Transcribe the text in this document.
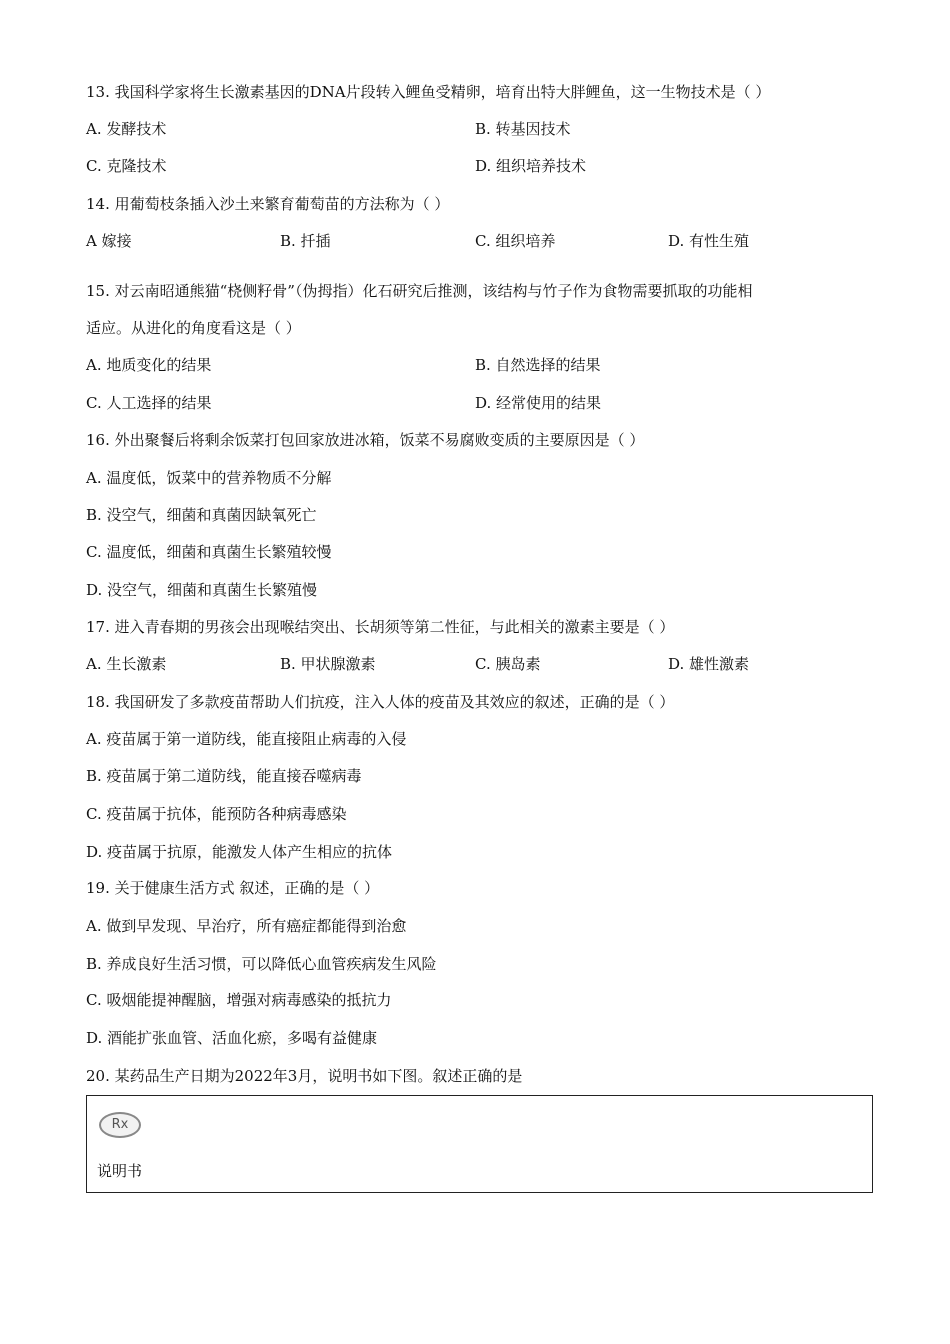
13. 我国科学家将生长激素基因的DNA片段转入鲤鱼受精卵，培育出特大胖鲤鱼，这一生物技术是（ ）
A. 发酵技术	B. 转基因技术
C. 克隆技术	D. 组织培养技术
14. 用葡萄枝条插入沙土来繁育葡萄苗的方法称为（ ）
A 嫁接	B. 扦插	C. 组织培养	D. 有性生殖
15. 对云南昭通熊猫“桡侧籽骨”（伪拇指）化石研究后推测，该结构与竹子作为食物需要抓取的功能相
适应。从进化的角度看这是（ ）
A. 地质变化的结果	B. 自然选择的结果
C. 人工选择的结果	D. 经常使用的结果
16. 外出聚餐后将剩余饭菜打包回家放进冰箱，饭菜不易腐败变质的主要原因是（ ）
A. 温度低，饭菜中的营养物质不分解
B. 没空气，细菌和真菌因缺氧死亡
C. 温度低，细菌和真菌生长繁殖较慢
D. 没空气，细菌和真菌生长繁殖慢
17. 进入青春期的男孩会出现喉结突出、长胡须等第二性征，与此相关的激素主要是（ ）
A. 生长激素	B. 甲状腺激素	C. 胰岛素	D. 雄性激素
18. 我国研发了多款疫苗帮助人们抗疫，注入人体的疫苗及其效应的叙述，正确的是（ ）
A. 疫苗属于第一道防线，能直接阻止病毒的入侵
B. 疫苗属于第二道防线，能直接吞噬病毒
C. 疫苗属于抗体，能预防各种病毒感染
D. 疫苗属于抗原，能激发人体产生相应的抗体
19. 关于健康生活方式 叙述，正确的是（ ）
A. 做到早发现、早治疗，所有癌症都能得到治愈
B. 养成良好生活习惯，可以降低心血管疾病发生风险
C. 吸烟能提神醒脑，增强对病毒感染的抵抗力
D. 酒能扩张血管、活血化瘀，多喝有益健康
20. 某药品生产日期为2022年3月，说明书如下图。叙述正确的是
Rx
说明书
